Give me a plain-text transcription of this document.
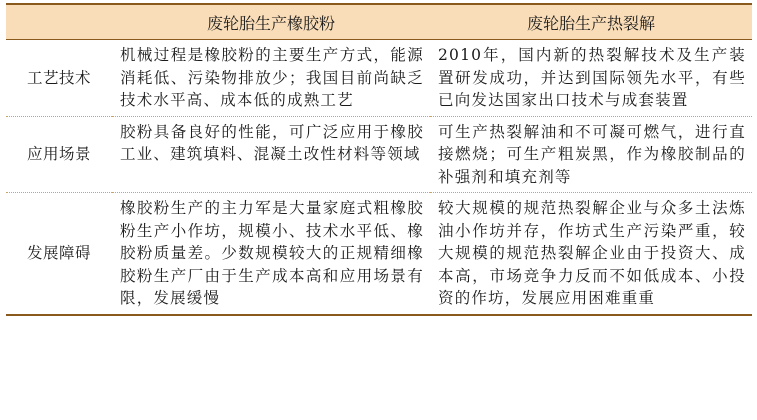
	废轮胎生产橡胶粉	废轮胎生产热裂解
工艺技术	机械过程是橡胶粉的主要生产方式，能源消耗低、污染物排放少；我国目前尚缺乏技术水平高、成本低的成熟工艺	2010年，国内新的热裂解技术及生产装置研发成功，并达到国际领先水平，有些已向发达国家出口技术与成套装置

应用场景	胶粉具备良好的性能，可广泛应用于橡胶工业、建筑填料、混凝土改性材料等领域	可生产热裂解油和不可凝可燃气，进行直接燃烧；可生产粗炭黑，作为橡胶制品的补强剂和填充剂等

发展障碍	橡胶粉生产的主力军是大量家庭式粗橡胶粉生产小作坊，规模小、技术水平低、橡胶粉质量差。少数规模较大的正规精细橡胶粉生产厂由于生产成本高和应用场景有限，发展缓慢	较大规模的规范热裂解企业与众多土法炼油小作坊并存，作坊式生产污染严重，较大规模的规范热裂解企业由于投资大、成本高，市场竞争力反而不如低成本、小投资的作坊，发展应用困难重重
